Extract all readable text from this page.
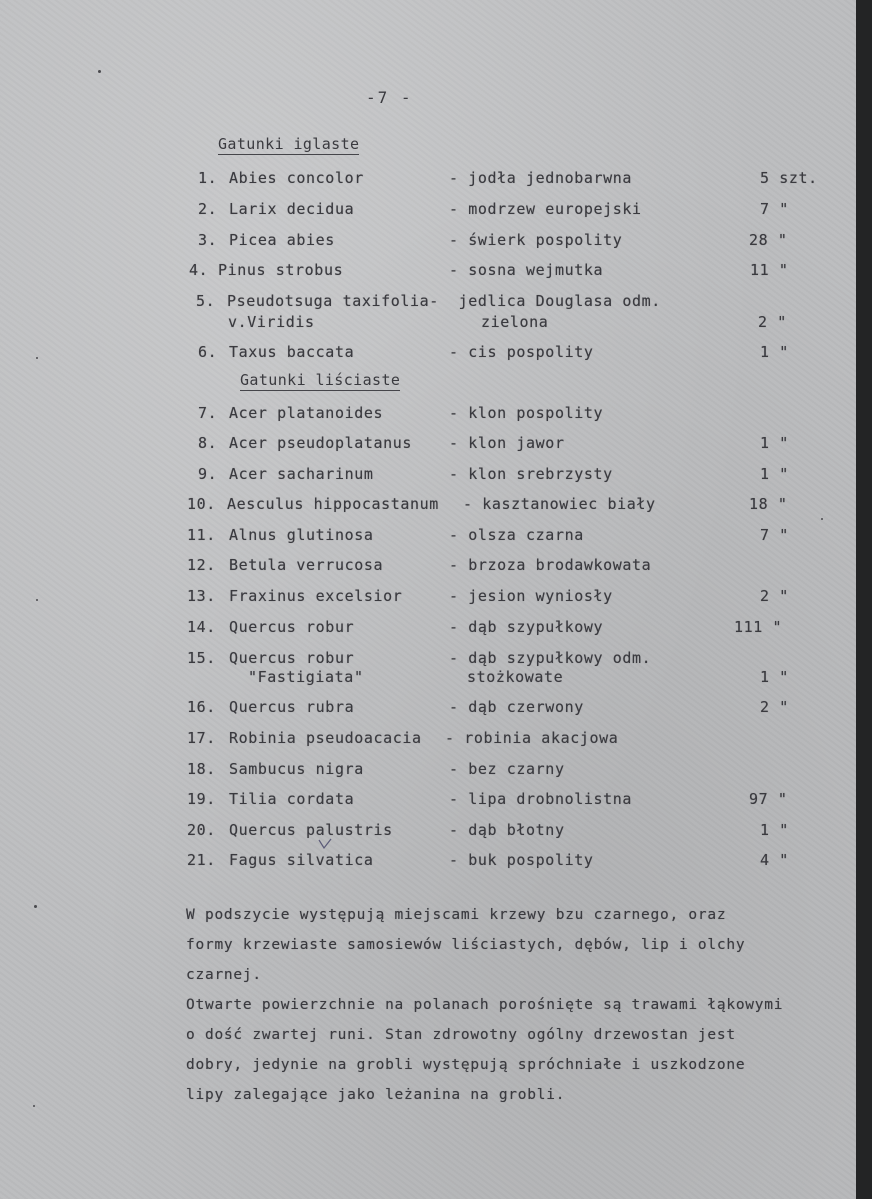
-7 -
Gatunki iglaste
1. Abies concolor	- jodła jednobarwna	5 szt.
2. Larix decidua	- modrzew europejski	7 "
3. Picea abies	- świerk pospolity	28 "
4. Pinus strobus	- sosna wejmutka	11 "
5. Pseudotsuga taxifolia- jedlica Douglasa odm.
v.Viridis	zielona	2 "
6. Taxus baccata	- cis pospolity	1 "
Gatunki liściaste
7. Acer platanoides	- klon pospolity
8. Acer pseudoplatanus - klon jawor	1 "
9. Acer sacharinum	- klon srebrzysty	1 "
10. Aesculus hippocastanum - kasztanowiec biały	18 "
11. Alnus glutinosa	- olsza czarna	7 "
12. Betula verrucosa	- brzoza brodawkowata
13. Fraxinus excelsior	- jesion wyniosły	2 "
14. Quercus robur	- dąb szypułkowy	111 "
15. Quercus robur	- dąb szypułkowy odm.
"Fastigiata"	stożkowate	1 "
16. Quercus rubra	- dąb czerwony	2 "
17. Robinia pseudoacacia - robinia akacjowa
18. Sambucus nigra	- bez czarny
19. Tilia cordata	- lipa drobnolistna	97 "
20. Quercus palustris	- dąb błotny	1 "
21. Fagus silvatica	- buk pospolity	4 "
W podszycie występują miejscami krzewy bzu czarnego, oraz
formy krzewiaste samosiewów liściastych, dębów, lip i olchy
czarnej.
Otwarte powierzchnie na polanach porośnięte są trawami łąkowymi
o dość zwartej runi. Stan zdrowotny ogólny drzewostan jest
dobry, jedynie na grobli występują spróchniałe i uszkodzone
lipy zalegające jako leżanina na grobli.
